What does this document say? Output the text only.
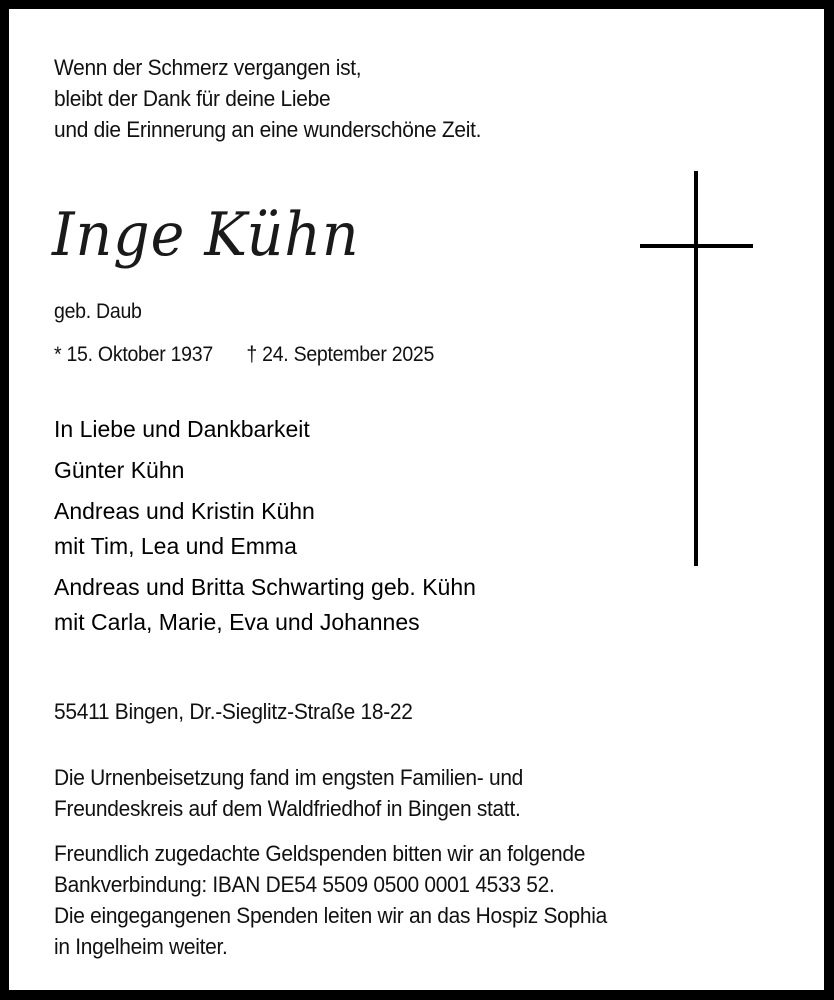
Wenn der Schmerz vergangen ist,
bleibt der Dank für deine Liebe
und die Erinnerung an eine wunderschöne Zeit.
Inge Kühn
geb. Daub
* 15. Oktober 1937 † 24. September 2025
In Liebe und Dankbarkeit
Günter Kühn
Andreas und Kristin Kühn
mit Tim, Lea und Emma
Andreas und Britta Schwarting geb. Kühn
mit Carla, Marie, Eva und Johannes
55411 Bingen, Dr.-Sieglitz-Straße 18-22
Die Urnenbeisetzung fand im engsten Familien- und
Freundeskreis auf dem Waldfriedhof in Bingen statt.
Freundlich zugedachte Geldspenden bitten wir an folgende
Bankverbindung: IBAN DE54 5509 0500 0001 4533 52.
Die eingegangenen Spenden leiten wir an das Hospiz Sophia
in Ingelheim weiter.
